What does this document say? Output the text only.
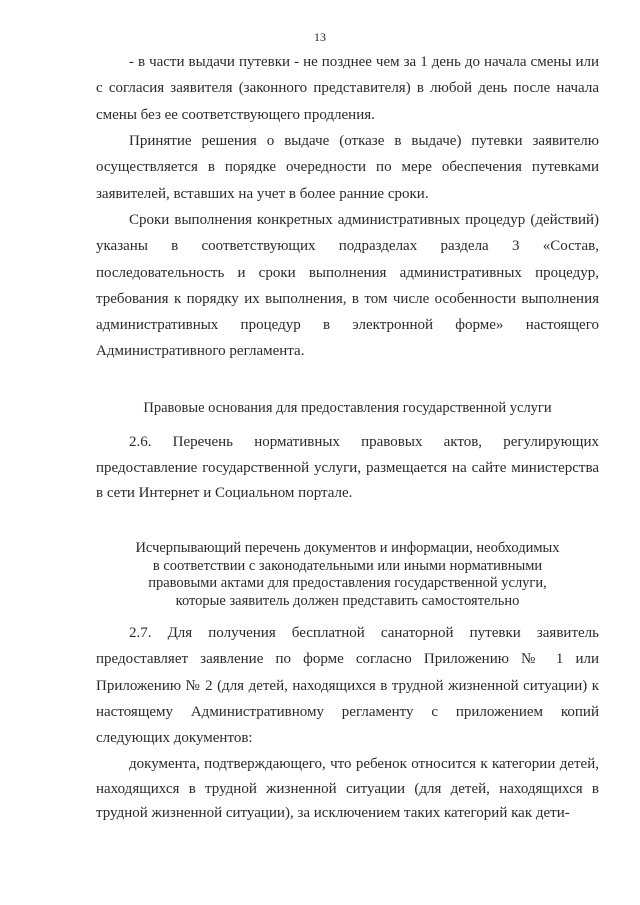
13

- в части выдачи путевки - не позднее чем за 1 день до начала смены или с согласия заявителя (законного представителя) в любой день после начала смены без ее соответствующего продления.

Принятие решения о выдаче (отказе в выдаче) путевки заявителю осуществляется в порядке очередности по мере обеспечения путевками заявителей, вставших на учет в более ранние сроки.

Сроки выполнения конкретных административных процедур (действий) указаны в соответствующих подразделах раздела 3 «Состав, последовательность и сроки выполнения административных процедур, требования к порядку их выполнения, в том числе особенности выполнения административных процедур в электронной форме» настоящего Административного регламента.

Правовые основания для предоставления государственной услуги

2.6. Перечень нормативных правовых актов, регулирующих предоставление государственной услуги, размещается на сайте министерства в сети Интернет и Социальном портале.

Исчерпывающий перечень документов и информации, необходимых
в соответствии с законодательными или иными нормативными
правовыми актами для предоставления государственной услуги,
которые заявитель должен представить самостоятельно

2.7. Для получения бесплатной санаторной путевки заявитель предоставляет заявление по форме согласно Приложению № 1 или Приложению № 2 (для детей, находящихся в трудной жизненной ситуации) к настоящему Административному регламенту с приложением копий следующих документов:

документа, подтверждающего, что ребенок относится к категории детей, находящихся в трудной жизненной ситуации (для детей, находящихся в трудной жизненной ситуации), за исключением таких категорий как дети-
